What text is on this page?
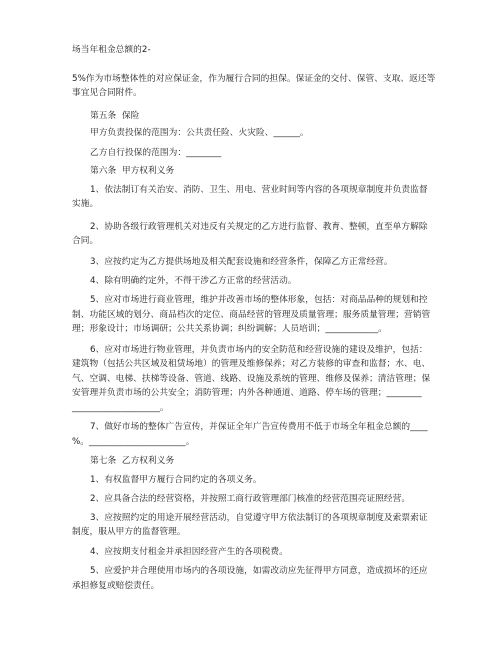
场当年租金总额的2-

5%作为市场整体性的对应保证金，作为履行合同的担保。保证金的交付、保管、支取、返还等

事宜见合同附件。

第五条  保险

甲方负责投保的范围为：公共责任险、火灾险、______。

乙方自行投保的范围为：________

第六条  甲方权利义务

1、依法制订有关治安、消防、卫生、用电、营业时间等内容的各项规章制度并负责监督

实施。

2、协助各级行政管理机关对违反有关规定的乙方进行监督、教育、整顿，直至单方解除

合同。

3、应按约定为乙方提供场地及相关配套设施和经营条件，保障乙方正常经营。

4、除有明确约定外，不得干涉乙方正常的经营活动。

5、应对市场进行商业管理，维护并改善市场的整体形象，包括：对商品品种的规划和控

制、功能区域的划分、商品档次的定位、商品经营的管理及质量管理；服务质量管理；营销管

理；形象设计；市场调研；公共关系协调；纠纷调解；人员培训；____________。

6、应对市场进行物业管理，并负责市场内的安全防范和经营设施的建设及维护，包括：

建筑物（包括公共区域及租赁场地）的管理及维修保养；对乙方装修的审查和监督；水、电、

气、空调、电梯、扶梯等设备、管道、线路、设施及系统的管理、维修及保养；清洁管理；保

安管理并负责市场的公共安全；消防管理；内外各种通道、道路、停车场的管理；________

____________________。

7、做好市场的整体广告宣传，并保证全年广告宣传费用不低于市场全年租金总额的____

%。______________________。

第七条  乙方权利义务

1、有权监督甲方履行合同约定的各项义务。

2、应具备合法的经营资格，并按照工商行政管理部门核准的经营范围亮证照经营。

3、应按照约定的用途开展经营活动，自觉遵守甲方依法制订的各项规章制度及索票索证

制度，服从甲方的监督管理。

4、应按期支付租金并承担因经营产生的各项税费。

5、应爱护并合理使用市场内的各项设施，如需改动应先征得甲方同意，造成损坏的还应

承担修复或赔偿责任。
